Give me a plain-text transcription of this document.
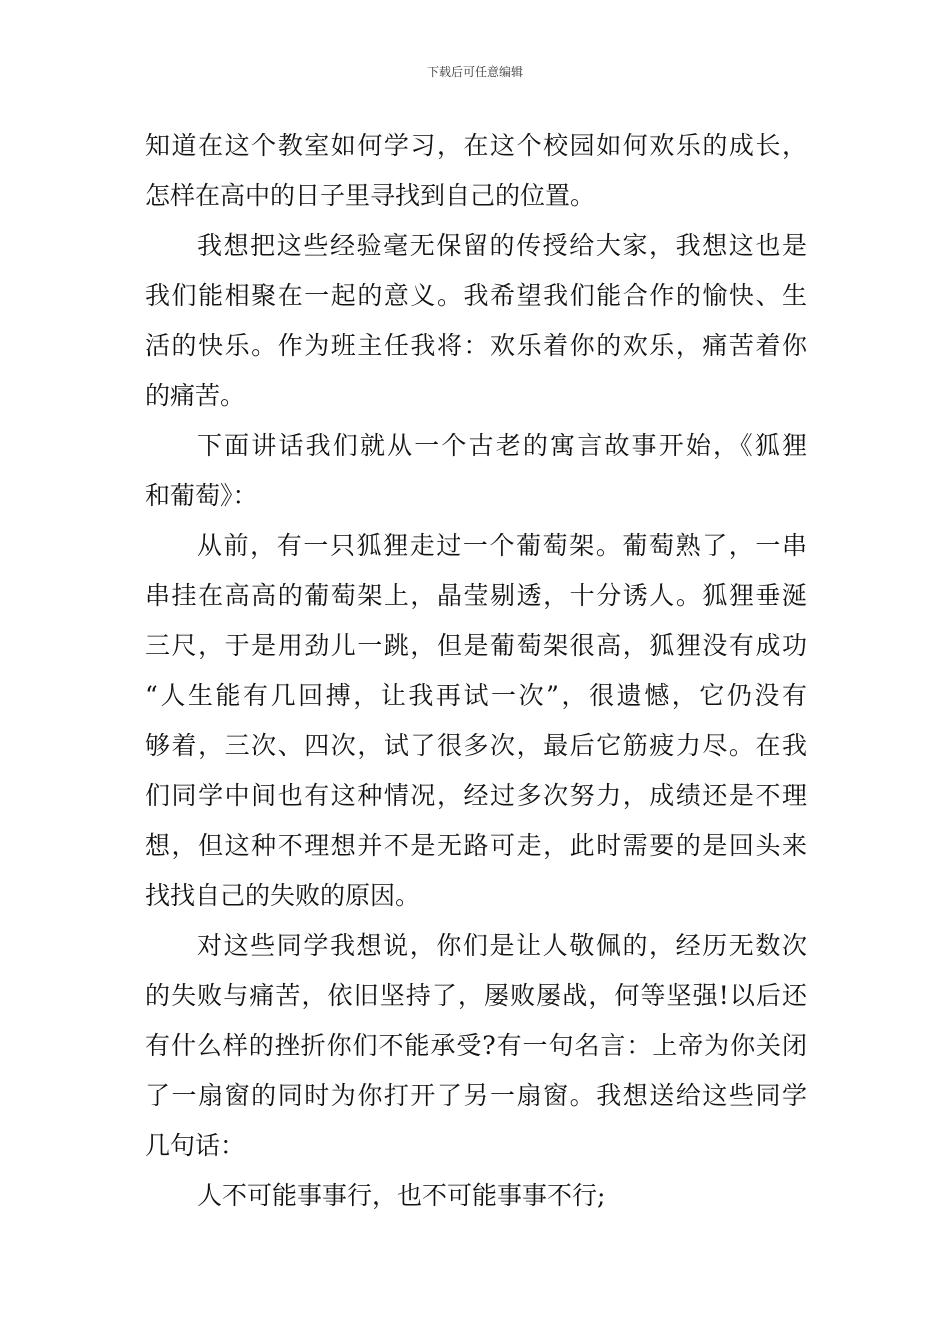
下载后可任意编辑
知道在这个教室如何学习，在这个校园如何欢乐的成长，
怎样在高中的日子里寻找到自己的位置。
我想把这些经验毫无保留的传授给大家，我想这也是
我们能相聚在一起的意义。我希望我们能合作的愉快、生
活的快乐。作为班主任我将：欢乐着你的欢乐，痛苦着你
的痛苦。
下面讲话我们就从一个古老的寓言故事开始，《狐狸
和葡萄》：
从前，有一只狐狸走过一个葡萄架。葡萄熟了，一串
串挂在高高的葡萄架上，晶莹剔透，十分诱人。狐狸垂涎
三尺，于是用劲儿一跳，但是葡萄架很高，狐狸没有成功
“人生能有几回搏，让我再试一次”，很遗憾，它仍没有
够着，三次、四次，试了很多次，最后它筋疲力尽。在我
们同学中间也有这种情况，经过多次努力，成绩还是不理
想，但这种不理想并不是无路可走，此时需要的是回头来
找找自己的失败的原因。
对这些同学我想说，你们是让人敬佩的，经历无数次
的失败与痛苦，依旧坚持了，屡败屡战，何等坚强!以后还
有什么样的挫折你们不能承受?有一句名言：上帝为你关闭
了一扇窗的同时为你打开了另一扇窗。我想送给这些同学
几句话：
人不可能事事行，也不可能事事不行;
